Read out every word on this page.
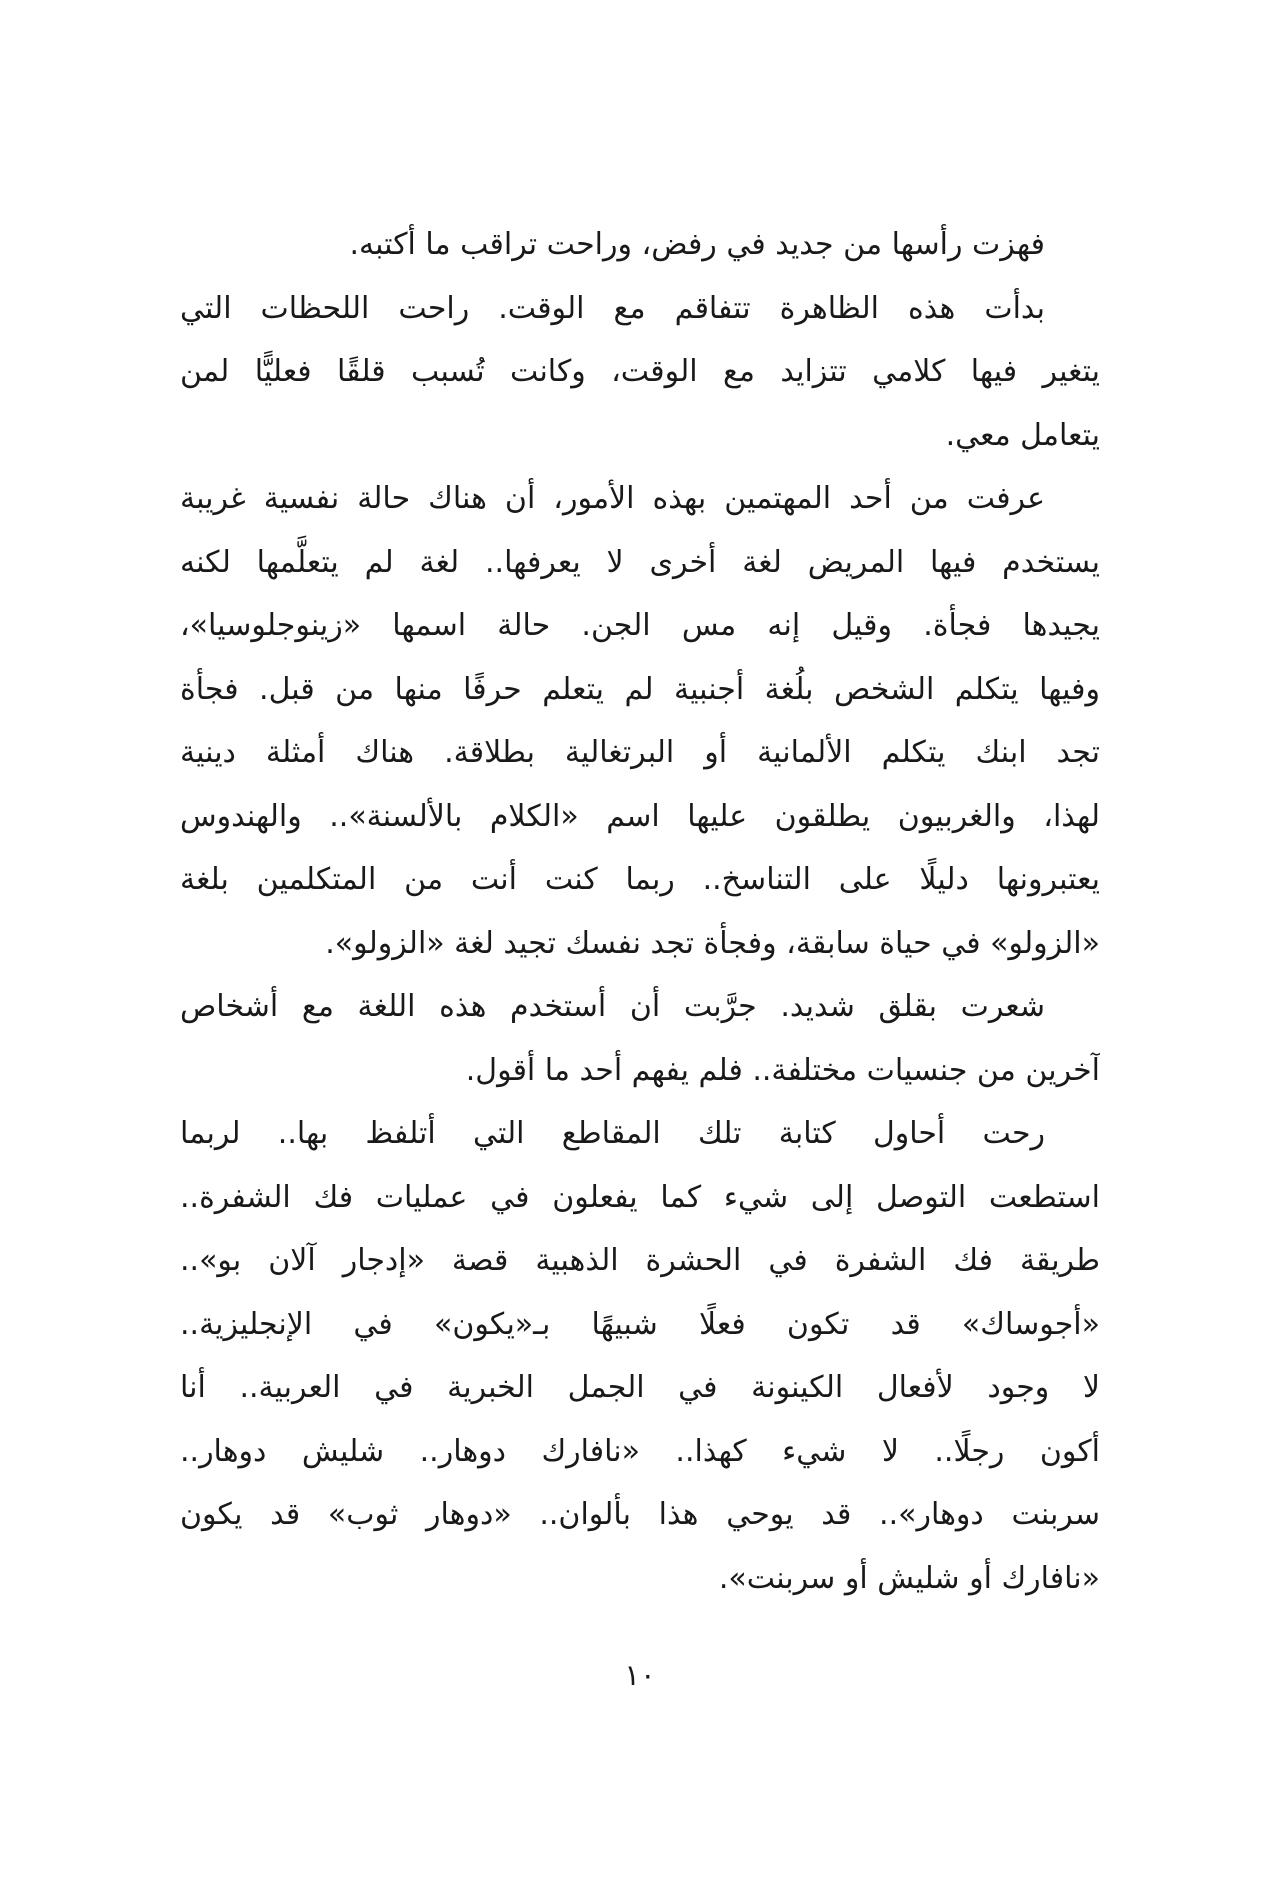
فهزت رأسها من جديد في رفض، وراحت تراقب ما أكتبه.
بدأت هذه الظاهرة تتفاقم مع الوقت. راحت اللحظات التي
يتغير فيها كلامي تتزايد مع الوقت، وكانت تُسبب قلقًا فعليًّا لمن
يتعامل معي.
عرفت من أحد المهتمين بهذه الأمور، أن هناك حالة نفسية غريبة
يستخدم فيها المريض لغة أخرى لا يعرفها.. لغة لم يتعلَّمها لكنه
يجيدها فجأة. وقيل إنه مس الجن. حالة اسمها «زينوجلوسيا»،
وفيها يتكلم الشخص بلُغة أجنبية لم يتعلم حرفًا منها من قبل. فجأة
تجد ابنك يتكلم الألمانية أو البرتغالية بطلاقة. هناك أمثلة دينية
لهذا، والغربيون يطلقون عليها اسم «الكلام بالألسنة».. والهندوس
يعتبرونها دليلًا على التناسخ.. ربما كنت أنت من المتكلمين بلغة
«الزولو» في حياة سابقة، وفجأة تجد نفسك تجيد لغة «الزولو».
شعرت بقلق شديد. جرَّبت أن أستخدم هذه اللغة مع أشخاص
آخرين من جنسيات مختلفة.. فلم يفهم أحد ما أقول.
رحت أحاول كتابة تلك المقاطع التي أتلفظ بها.. لربما
استطعت التوصل إلى شيء كما يفعلون في عمليات فك الشفرة..
طريقة فك الشفرة في الحشرة الذهبية قصة «إدجار آلان بو»..
«أجوساك» قد تكون فعلًا شبيهًا بـ«يكون» في الإنجليزية..
لا وجود لأفعال الكينونة في الجمل الخبرية في العربية.. أنا
أكون رجلًا.. لا شيء كهذا.. «نافارك دوهار.. شليش دوهار..
سربنت دوهار».. قد يوحي هذا بألوان.. «دوهار ثوب» قد يكون
«نافارك أو شليش أو سربنت».
١٠
